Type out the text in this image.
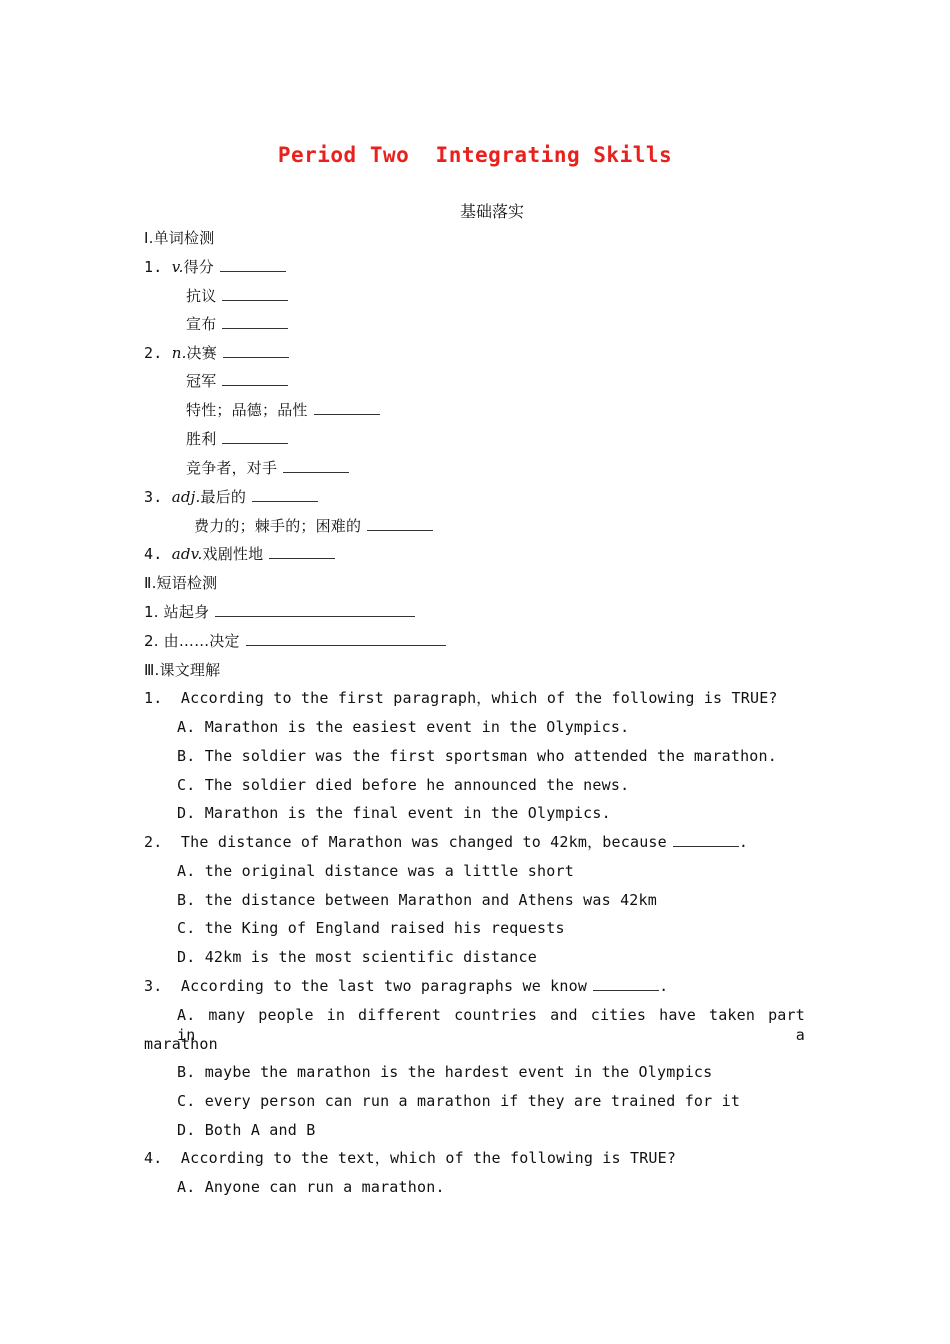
Period Two  Integrating Skills
基础落实
Ⅰ.单词检测
1. v.得分
抗议
宣布
2. n.决赛
冠军
特性；品德；品性
胜利
竞争者，对手
3. adj.最后的
费力的；棘手的；困难的
4. adv.戏剧性地
Ⅱ.短语检测
1. 站起身
2. 由……决定
Ⅲ.课文理解
1.  According to the first paragraph，which of the following is TRUE?
A. Marathon is the easiest event in the Olympics.
B. The soldier was the first sportsman who attended the marathon.
C. The soldier died before he announced the news.
D. Marathon is the final event in the Olympics.
2.  The distance of Marathon was changed to 42km，because	.
A. the original distance was a little short
B. the distance between Marathon and Athens was 42km
C. the King of England raised his requests
D. 42km is the most scientific distance
3.  According to the last two paragraphs we know	.
A. many people in different countries and cities have taken part in a
marathon
B. maybe the marathon is the hardest event in the Olympics
C. every person can run a marathon if they are trained for it
D. Both A and B
4.  According to the text，which of the following is TRUE?
A. Anyone can run a marathon.
